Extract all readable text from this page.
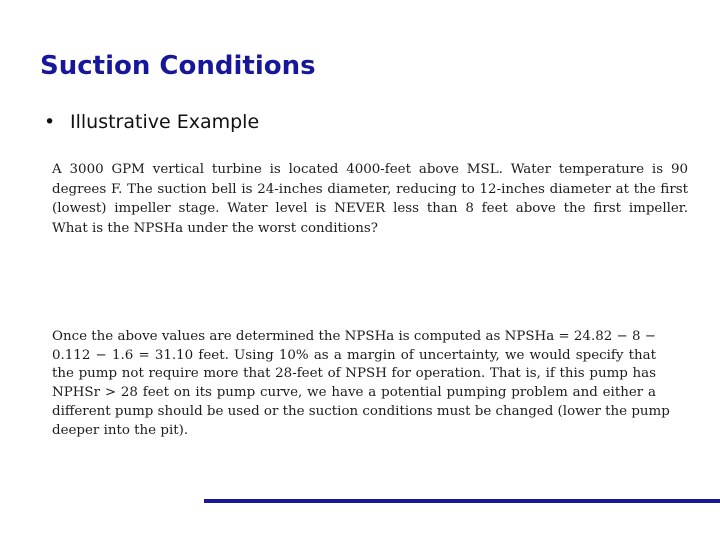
Suction Conditions
• Illustrative Example
A 3000 GPM vertical turbine is located 4000-feet above MSL. Water temperature is 90
degrees F. The suction bell is 24-inches diameter, reducing to 12-inches diameter at the first
(lowest) impeller stage. Water level is NEVER less than 8 feet above the first impeller.
What is the NPSHa under the worst conditions?
Once the above values are determined the NPSHa is computed as NPSHa = 24.82 − 8 −
0.112 − 1.6 = 31.10 feet. Using 10% as a margin of uncertainty, we would specify that
the pump not require more that 28-feet of NPSH for operation. That is, if this pump has
NPHSr > 28 feet on its pump curve, we have a potential pumping problem and either a
different pump should be used or the suction conditions must be changed (lower the pump
deeper into the pit).
